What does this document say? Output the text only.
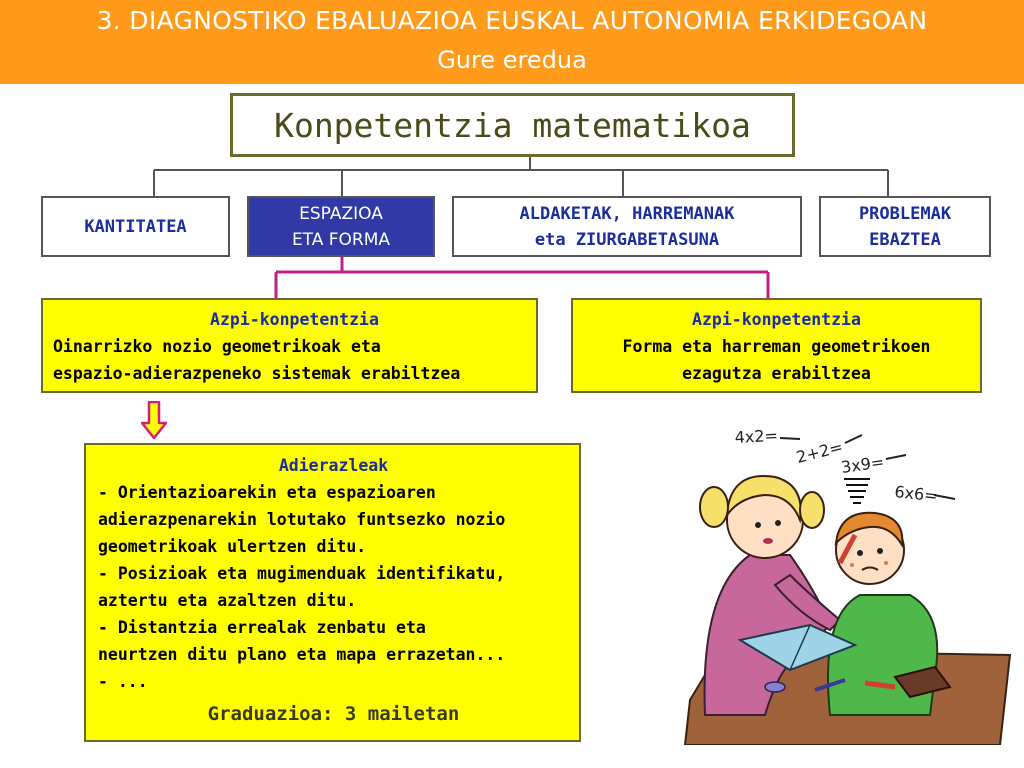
3. DIAGNOSTIKO EBALUAZIOA EUSKAL AUTONOMIA ERKIDEGOAN
Gure eredua
Konpetentzia matematikoa
KANTITATEA
ESPAZIOA
ETA FORMA
ALDAKETAK, HARREMANAK
eta ZIURGABETASUNA
PROBLEMAK
EBAZTEA
Azpi-konpetentzia
Oinarrizko nozio geometrikoak eta
espazio-adierazpeneko sistemak erabiltzea
Azpi-konpetentzia
Forma eta harreman geometrikoen
ezagutza erabiltzea
Adierazleak
- Orientazioarekin eta espazioaren
adierazpenarekin lotutako funtsezko nozio
geometrikoak ulertzen ditu.
- Posizioak eta mugimenduak identifikatu,
aztertu eta azaltzen ditu.
- Distantzia errealak zenbatu eta
neurtzen ditu plano eta mapa errazetan...
- ...
Graduazioa: 3 mailetan
4x2=
2+2=
3x9=
6x6=
